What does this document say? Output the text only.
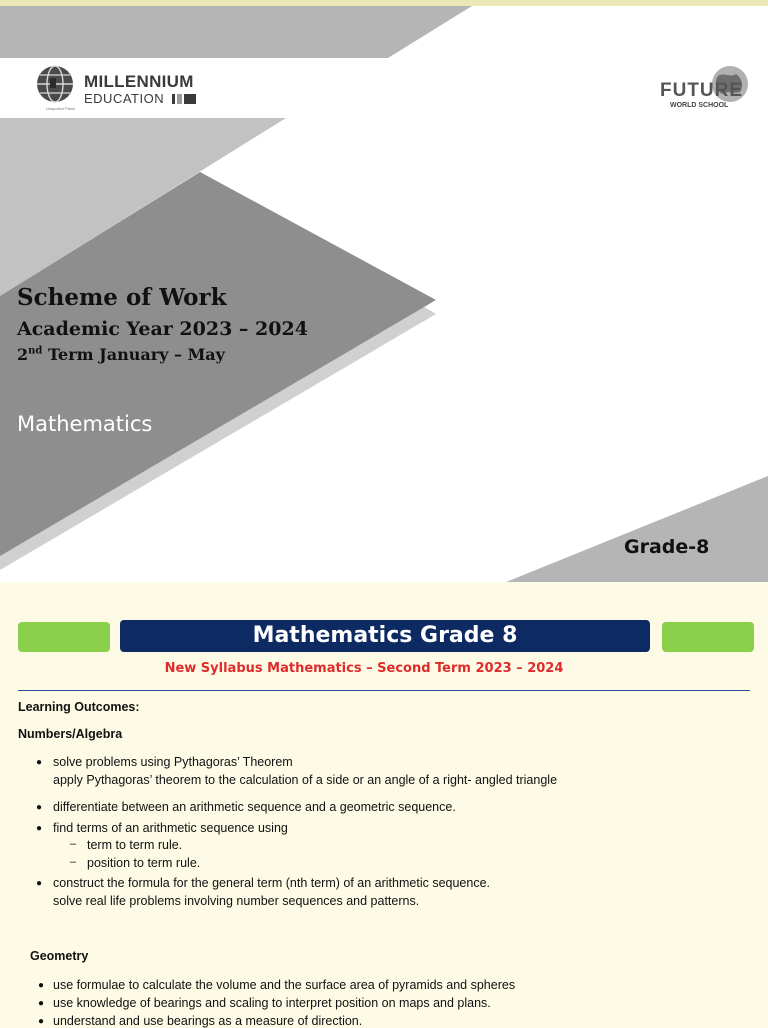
MILLENNIUM
EDUCATION
Unspoken Plans
FUTURE
WORLD SCHOOL
Scheme of Work
Academic Year 2023 – 2024
2nd Term January – May
Mathematics
Grade-8
Mathematics Grade 8
New Syllabus Mathematics – Second Term 2023 – 2024
Learning Outcomes:
Numbers/Algebra
● solve problems using Pythagoras’ Theorem
apply Pythagoras’ theorem to the calculation of a side or an angle of a right- angled triangle
● differentiate between an arithmetic sequence and a geometric sequence.
● find terms of an arithmetic sequence using
– term to term rule.
– position to term rule.
● construct the formula for the general term (nth term) of an arithmetic sequence.
solve real life problems involving number sequences and patterns.
Geometry
● use formulae to calculate the volume and the surface area of pyramids and spheres
● use knowledge of bearings and scaling to interpret position on maps and plans.
● understand and use bearings as a measure of direction.
